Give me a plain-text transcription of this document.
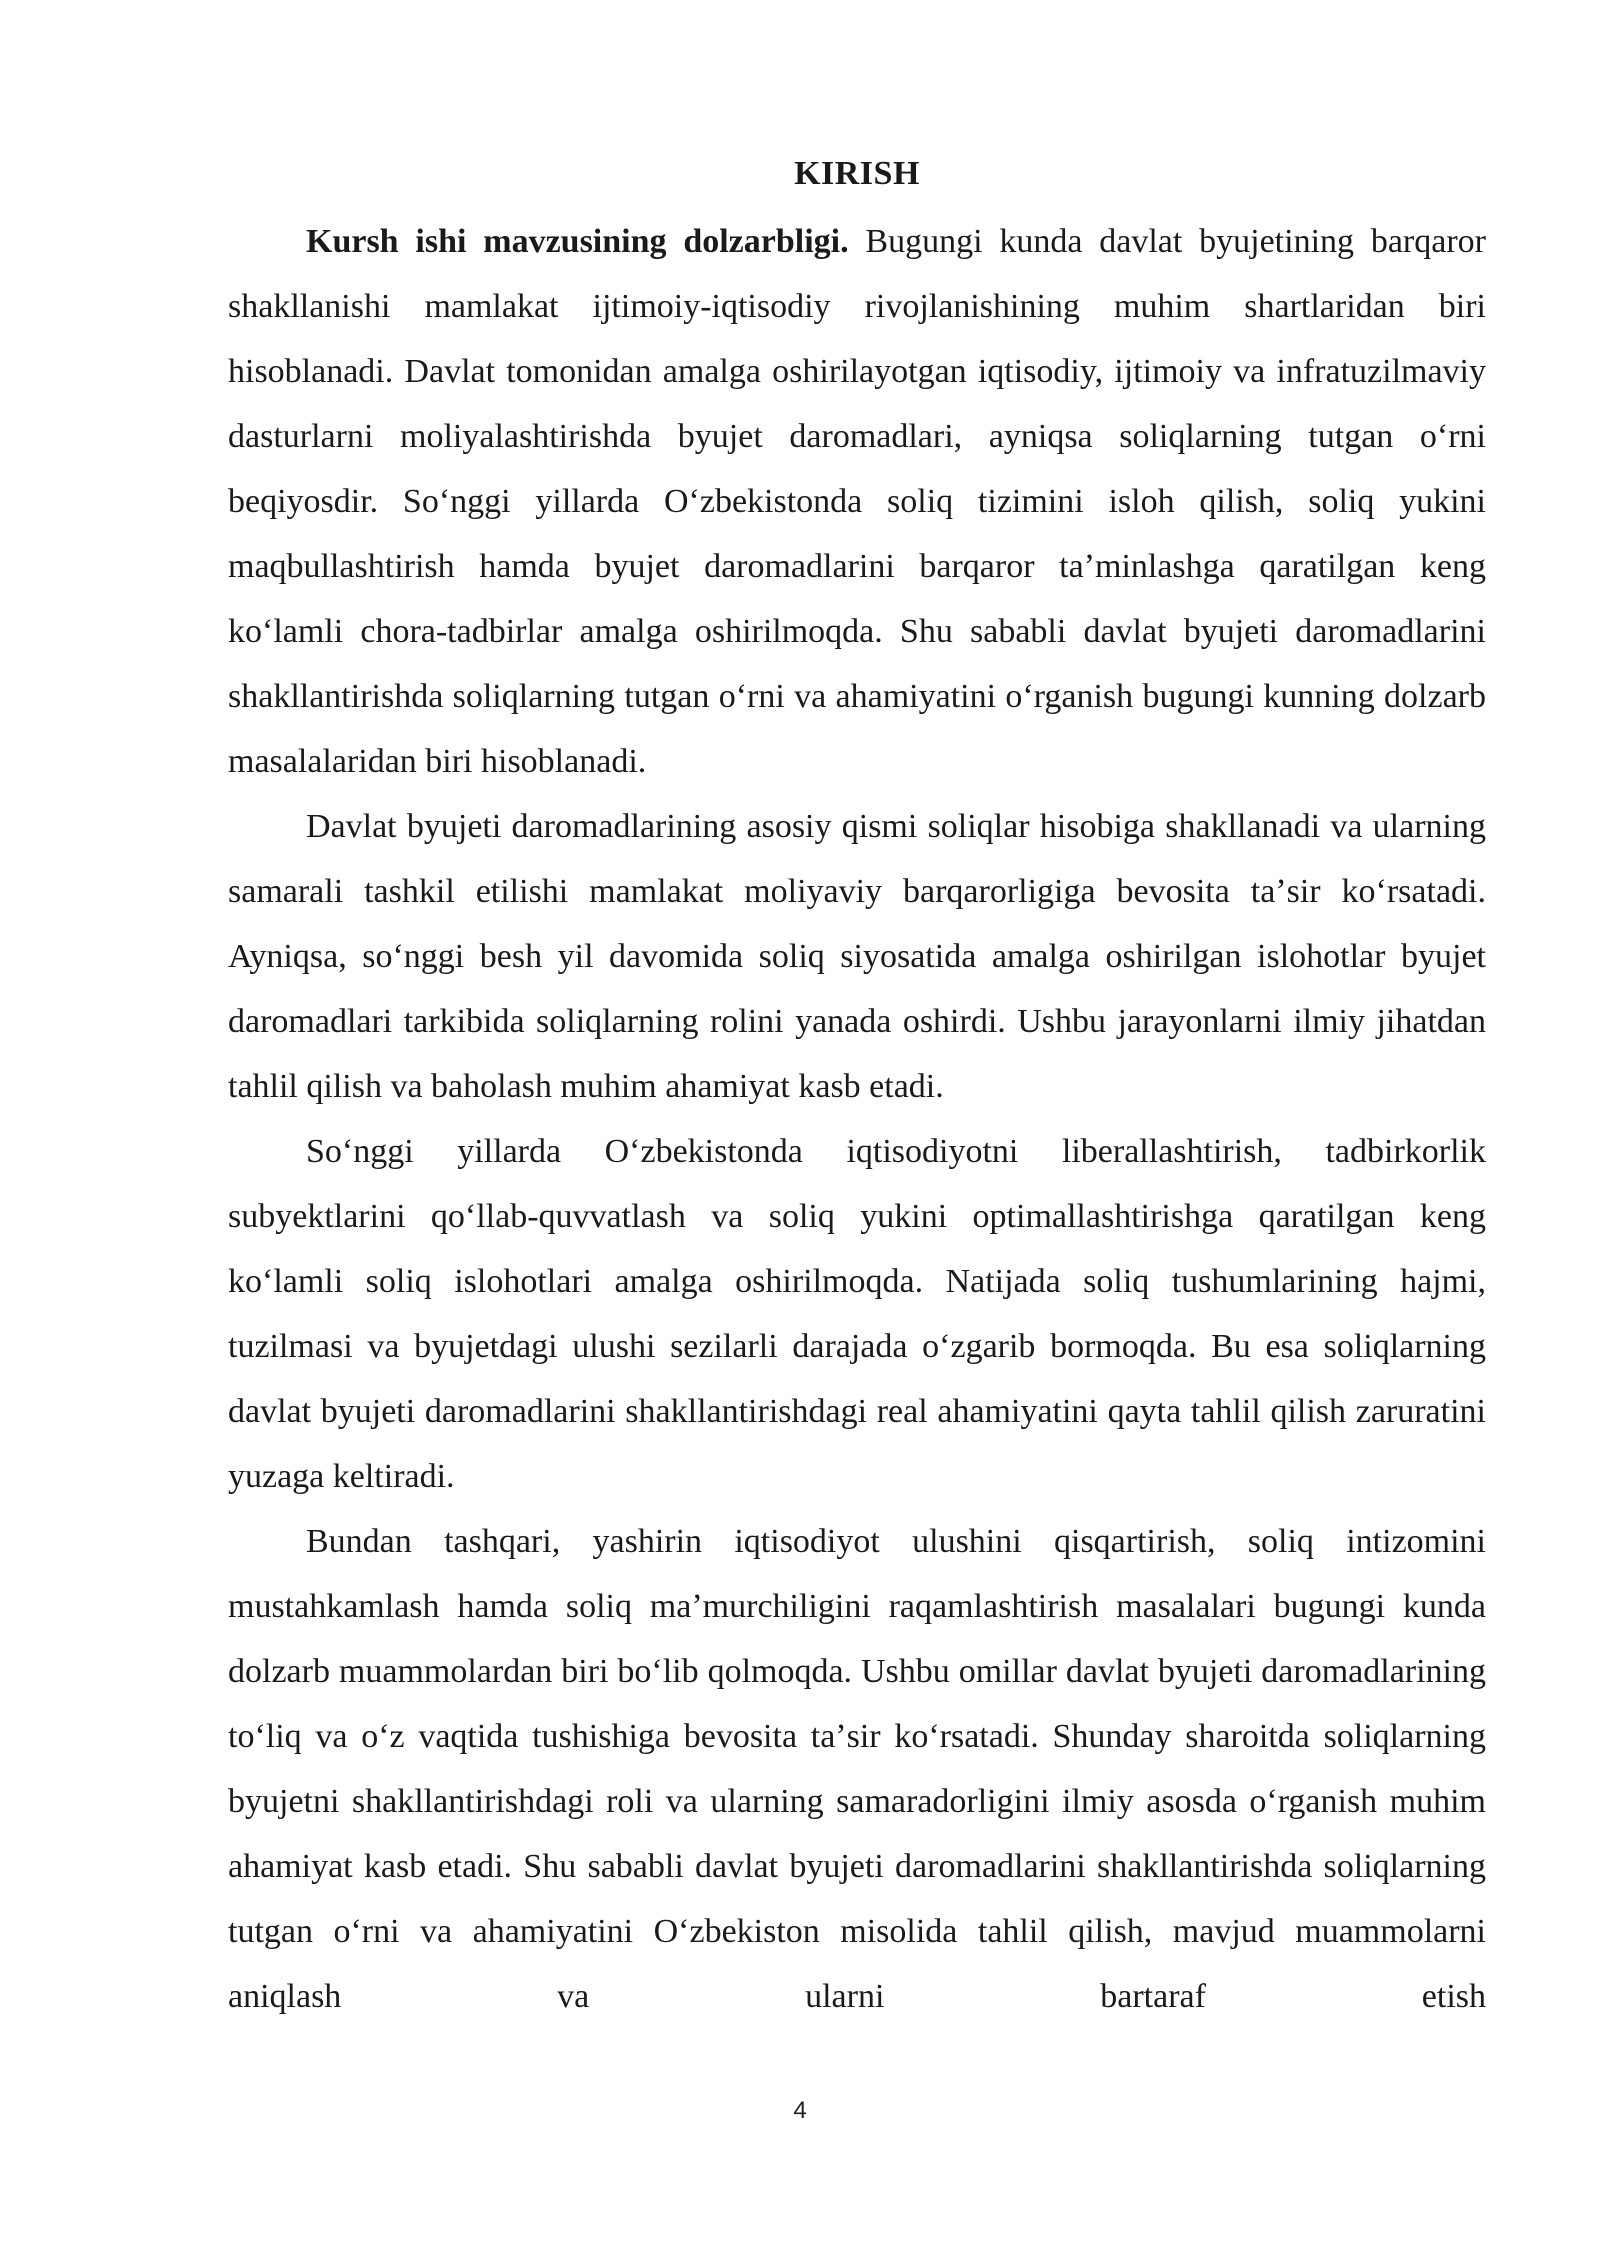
KIRISH

Kursh ishi mavzusining dolzarbligi. Bugungi kunda davlat byujetining barqaror shakllanishi mamlakat ijtimoiy-iqtisodiy rivojlanishining muhim shartlaridan biri hisoblanadi. Davlat tomonidan amalga oshirilayotgan iqtisodiy, ijtimoiy va infratuzilmaviy dasturlarni moliyalashtirishda byujet daromadlari, ayniqsa soliqlarning tutgan oʻrni beqiyosdir. Soʻnggi yillarda Oʻzbekistonda soliq tizimini isloh qilish, soliq yukini maqbullashtirish hamda byujet daromadlarini barqaror taʼminlashga qaratilgan keng koʻlamli chora-tadbirlar amalga oshirilmoqda. Shu sababli davlat byujeti daromadlarini shakllantirishda soliqlarning tutgan oʻrni va ahamiyatini oʻrganish bugungi kunning dolzarb masalalaridan biri hisoblanadi.

Davlat byujeti daromadlarining asosiy qismi soliqlar hisobiga shakllanadi va ularning samarali tashkil etilishi mamlakat moliyaviy barqarorligiga bevosita taʼsir koʻrsatadi. Ayniqsa, soʻnggi besh yil davomida soliq siyosatida amalga oshirilgan islohotlar byujet daromadlari tarkibida soliqlarning rolini yanada oshirdi. Ushbu jarayonlarni ilmiy jihatdan tahlil qilish va baholash muhim ahamiyat kasb etadi.

Soʻnggi yillarda Oʻzbekistonda iqtisodiyotni liberallashtirish, tadbirkorlik subyektlarini qoʻllab-quvvatlash va soliq yukini optimallashtirishga qaratilgan keng koʻlamli soliq islohotlari amalga oshirilmoqda. Natijada soliq tushumlarining hajmi, tuzilmasi va byujetdagi ulushi sezilarli darajada oʻzgarib bormoqda. Bu esa soliqlarning davlat byujeti daromadlarini shakllantirishdagi real ahamiyatini qayta tahlil qilish zaruratini yuzaga keltiradi.

Bundan tashqari, yashirin iqtisodiyot ulushini qisqartirish, soliq intizomini mustahkamlash hamda soliq maʼmurchiligini raqamlashtirish masalalari bugungi kunda dolzarb muammolardan biri boʻlib qolmoqda. Ushbu omillar davlat byujeti daromadlarining toʻliq va oʻz vaqtida tushishiga bevosita taʼsir koʻrsatadi. Shunday sharoitda soliqlarning byujetni shakllantirishdagi roli va ularning samaradorligini ilmiy asosda oʻrganish muhim ahamiyat kasb etadi. Shu sababli davlat byujeti daromadlarini shakllantirishda soliqlarning tutgan oʻrni va ahamiyatini Oʻzbekiston misolida tahlil qilish, mavjud muammolarni aniqlash va ularni bartaraf etish

4
